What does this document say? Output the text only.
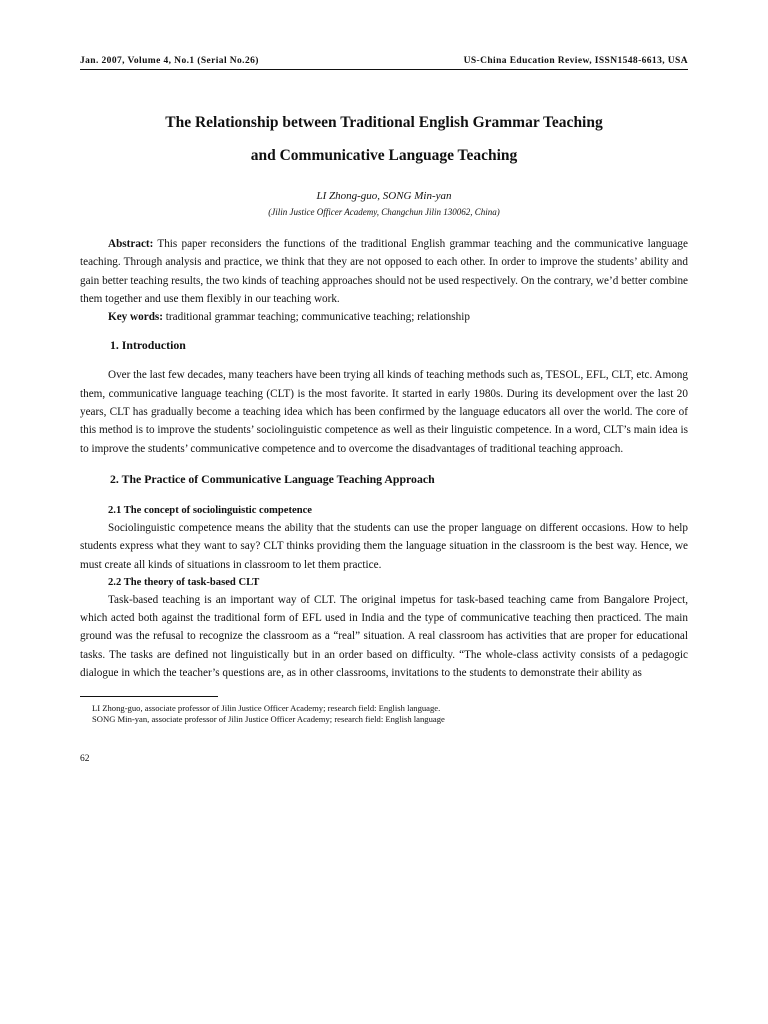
Jan. 2007, Volume 4, No.1 (Serial No.26)	US-China Education Review, ISSN1548-6613, USA
The Relationship between Traditional English Grammar Teaching
and Communicative Language Teaching
LI Zhong-guo, SONG Min-yan
(Jilin Justice Officer Academy, Changchun Jilin 130062, China)
Abstract: This paper reconsiders the functions of the traditional English grammar teaching and the communicative language teaching. Through analysis and practice, we think that they are not opposed to each other. In order to improve the students’ ability and gain better teaching results, the two kinds of teaching approaches should not be used respectively. On the contrary, we’d better combine them together and use them flexibly in our teaching work.
Key words: traditional grammar teaching; communicative teaching; relationship
1. Introduction
Over the last few decades, many teachers have been trying all kinds of teaching methods such as, TESOL, EFL, CLT, etc. Among them, communicative language teaching (CLT) is the most favorite. It started in early 1980s. During its development over the last 20 years, CLT has gradually become a teaching idea which has been confirmed by the language educators all over the world. The core of this method is to improve the students’ sociolinguistic competence as well as their linguistic competence. In a word, CLT’s main idea is to improve the students’ communicative competence and to overcome the disadvantages of traditional teaching approach.
2. The Practice of Communicative Language Teaching Approach
2.1 The concept of sociolinguistic competence
Sociolinguistic competence means the ability that the students can use the proper language on different occasions. How to help students express what they want to say? CLT thinks providing them the language situation in the classroom is the best way. Hence, we must create all kinds of situations in classroom to let them practice.
2.2 The theory of task-based CLT
Task-based teaching is an important way of CLT. The original impetus for task-based teaching came from Bangalore Project, which acted both against the traditional form of EFL used in India and the type of communicative teaching then practiced. The main ground was the refusal to recognize the classroom as a “real” situation. A real classroom has activities that are proper for educational tasks. The tasks are defined not linguistically but in an order based on difficulty. “The whole-class activity consists of a pedagogic dialogue in which the teacher’s questions are, as in other classrooms, invitations to the students to demonstrate their ability as
LI Zhong-guo, associate professor of Jilin Justice Officer Academy; research field: English language.
SONG Min-yan, associate professor of Jilin Justice Officer Academy; research field: English language
62
